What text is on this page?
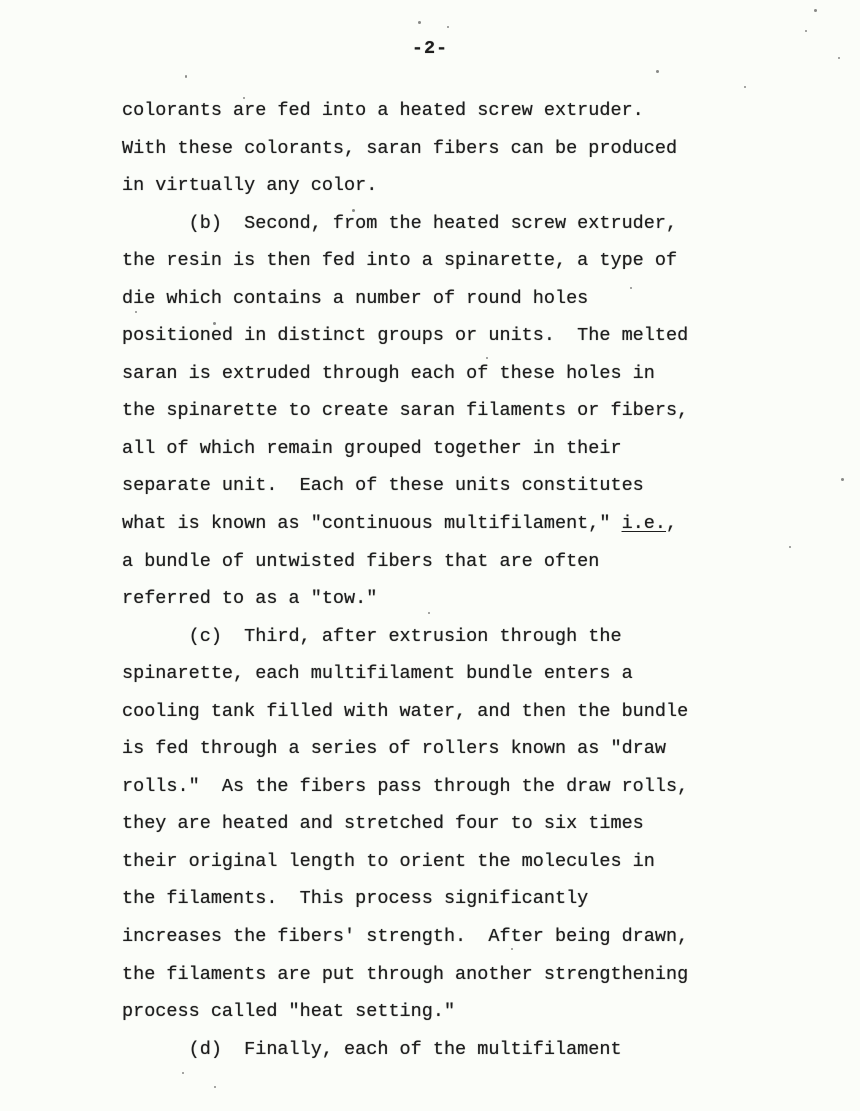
-2-
colorants are fed into a heated screw extruder.
With these colorants, saran fibers can be produced
in virtually any color.
(b)  Second, from the heated screw extruder,
the resin is then fed into a spinarette, a type of
die which contains a number of round holes
positioned in distinct groups or units.  The melted
saran is extruded through each of these holes in
the spinarette to create saran filaments or fibers,
all of which remain grouped together in their
separate unit.  Each of these units constitutes
what is known as "continuous multifilament," i.e.,
a bundle of untwisted fibers that are often
referred to as a "tow."
(c)  Third, after extrusion through the
spinarette, each multifilament bundle enters a
cooling tank filled with water, and then the bundle
is fed through a series of rollers known as "draw
rolls."  As the fibers pass through the draw rolls,
they are heated and stretched four to six times
their original length to orient the molecules in
the filaments.  This process significantly
increases the fibers' strength.  After being drawn,
the filaments are put through another strengthening
process called "heat setting."
(d)  Finally, each of the multifilament
